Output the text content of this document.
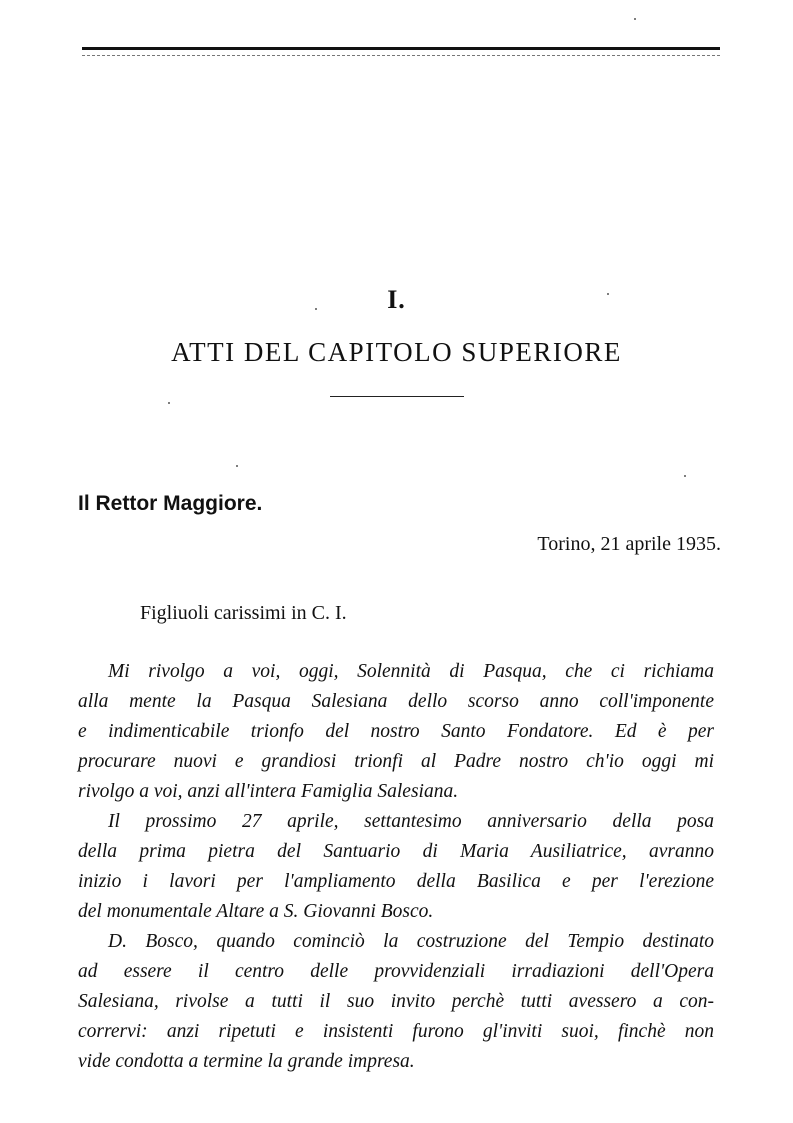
I.
ATTI DEL CAPITOLO SUPERIORE
Il Rettor Maggiore.
Torino, 21 aprile 1935.
Figliuoli carissimi in C. I.
Mi rivolgo a voi, oggi, Solennità di Pasqua, che ci richiama
alla mente la Pasqua Salesiana dello scorso anno coll'imponente
e indimenticabile trionfo del nostro Santo Fondatore. Ed è per
procurare nuovi e grandiosi trionfi al Padre nostro ch'io oggi mi
rivolgo a voi, anzi all'intera Famiglia Salesiana.
Il prossimo 27 aprile, settantesimo anniversario della posa
della prima pietra del Santuario di Maria Ausiliatrice, avranno
inizio i lavori per l'ampliamento della Basilica e per l'erezione
del monumentale Altare a S. Giovanni Bosco.
D. Bosco, quando cominciò la costruzione del Tempio destinato
ad essere il centro delle provvidenziali irradiazioni dell'Opera
Salesiana, rivolse a tutti il suo invito perchè tutti avessero a con-
corrervi: anzi ripetuti e insistenti furono gl'inviti suoi, finchè non
vide condotta a termine la grande impresa.
